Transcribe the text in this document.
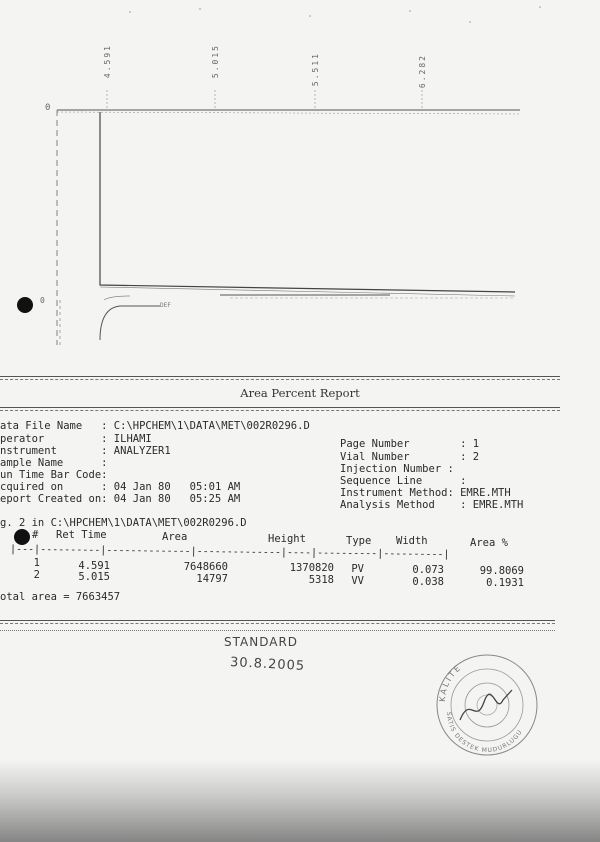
4.591	5.015	5.511	6.282
0
0
DEF
Area Percent Report
ata File Name   : C:\HPCHEM\1\DATA\MET\002R0296.D
perator         : ILHAMI
nstrument       : ANALYZER1
ample Name      :
un Time Bar Code:
cquired on      : 04 Jan 80   05:01 AM
eport Created on: 04 Jan 80   05:25 AM
Page Number        : 1
Vial Number        : 2
Injection Number :
Sequence Line      :
Instrument Method: EMRE.MTH
Analysis Method    : EMRE.MTH
g. 2 in C:\HPCHEM\1\DATA\MET\002R0296.D
# Ret Time	Area	Height	Type Width	Area %
|---|----------|--------------|--------------|----|----------|----------|
1	4.591	7648660	1370820	PV	0.073	99.8069
2	5.015	14797	5318	VV	0.038	0.1931
otal area = 7663457
STANDARD
30.8.2005
KALITE
SATIS DESTEK MUDURLUGU
